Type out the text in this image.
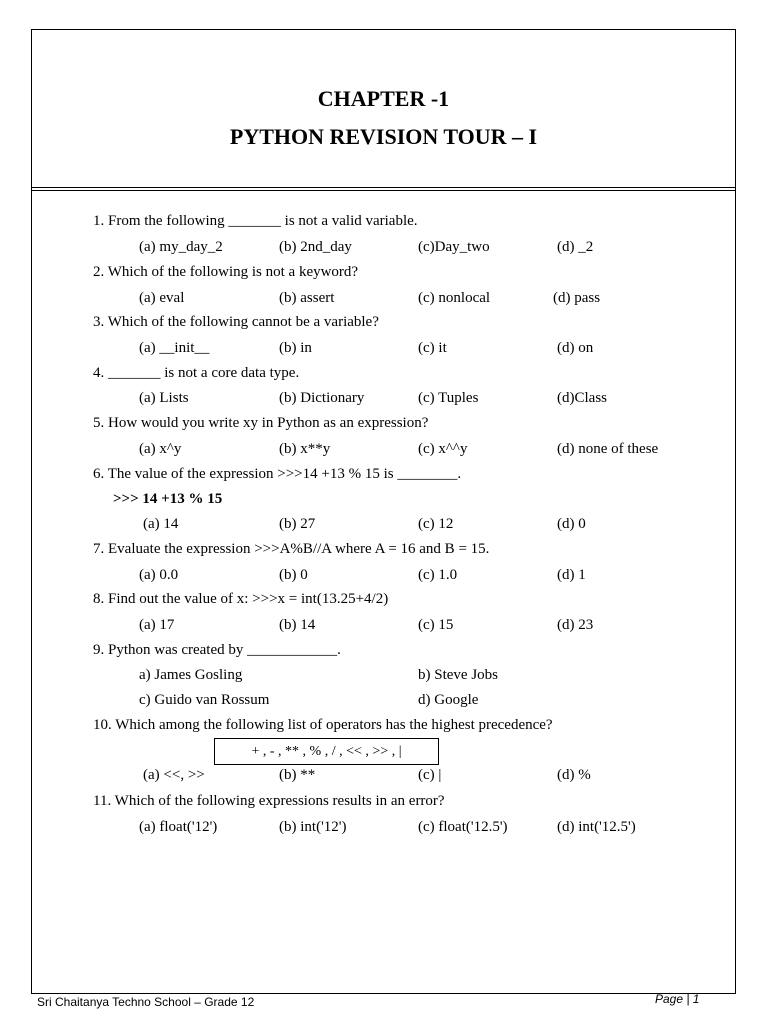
CHAPTER -1
PYTHON REVISION TOUR – I
1. From the following _______ is not a valid variable.
(a) my_day_2	(b) 2nd_day	(c)Day_two	(d) _2
2. Which of the following is not a keyword?
(a) eval	(b) assert	(c) nonlocal	(d) pass
3. Which of the following cannot be a variable?
(a) __init__	(b) in	(c) it	(d) on
4. _______ is not a core data type.
(a) Lists	(b) Dictionary	(c) Tuples	(d)Class
5. How would you write xy in Python as an expression?
(a) x^y	(b) x**y	(c) x^^y	(d) none of these
6. The value of the expression >>>14 +13 % 15 is ________.
>>> 14 +13 % 15
(a) 14	(b) 27	(c) 12	(d) 0
7. Evaluate the expression >>>A%B//A where A = 16 and B = 15.
(a) 0.0	(b) 0	(c) 1.0	(d) 1
8. Find out the value of x: >>>x = int(13.25+4/2)
(a) 17	(b) 14	(c) 15	(d) 23
9. Python was created by ____________.
a) James Gosling	b) Steve Jobs
c) Guido van Rossum	d) Google
10. Which among the following list of operators has the highest precedence?
+ , - , ** , % , / , << , >> , |
(a) <<, >>	(b) **	(c) |	(d) %
11. Which of the following expressions results in an error?
(a) float('12')	(b) int('12')	(c) float('12.5')	(d) int('12.5')
Sri Chaitanya Techno School – Grade 12	Page | 1
